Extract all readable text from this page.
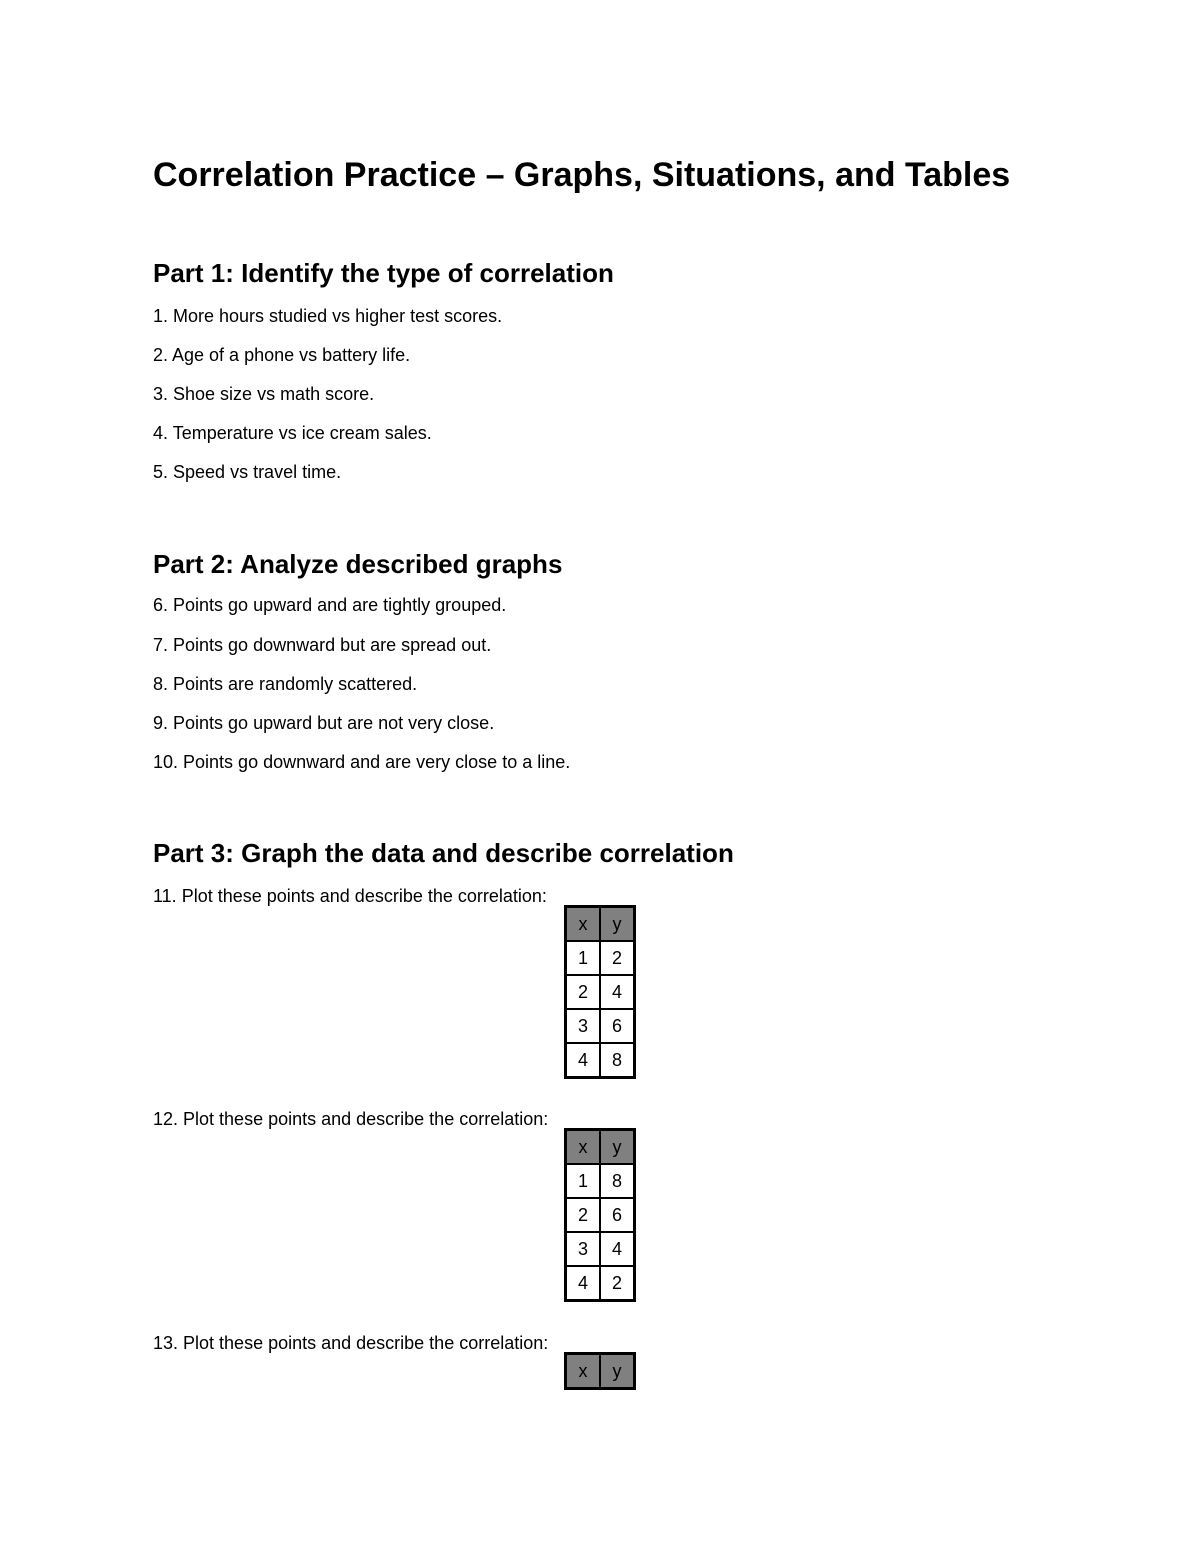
Correlation Practice – Graphs, Situations, and Tables
Part 1: Identify the type of correlation

1. More hours studied vs higher test scores.

2. Age of a phone vs battery life.

3. Shoe size vs math score.

4. Temperature vs ice cream sales.

5. Speed vs travel time.

Part 2: Analyze described graphs

6. Points go upward and are tightly grouped.

7. Points go downward but are spread out.

8. Points are randomly scattered.

9. Points go upward but are not very close.

10. Points go downward and are very close to a line.

Part 3: Graph the data and describe correlation

11. Plot these points and describe the correlation:

x	y
1	2
2	4
3	6
4	8

12. Plot these points and describe the correlation:

x	y
1	8
2	6
3	4
4	2

13. Plot these points and describe the correlation:

x	y
